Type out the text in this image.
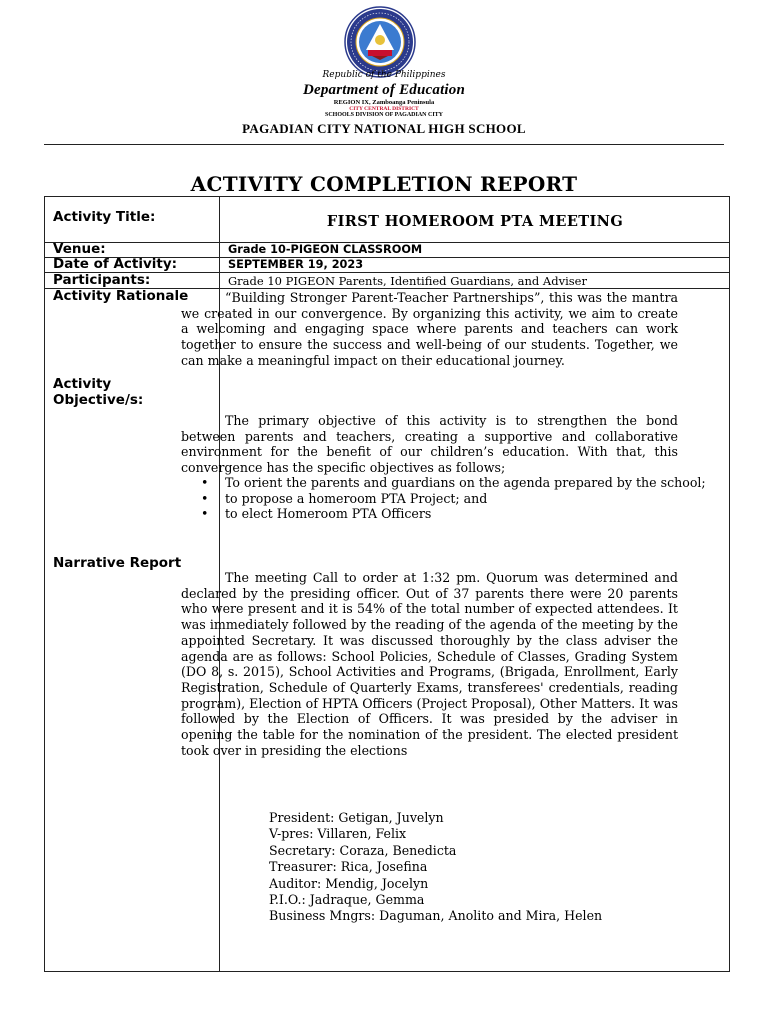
Republic of the Philippines
Department of Education
REGION IX, Zamboanga Peninsula
CITY CENTRAL DISTRICT
SCHOOLS DIVISION OF PAGADIAN CITY
PAGADIAN CITY NATIONAL HIGH SCHOOL
ACTIVITY COMPLETION REPORT
Activity Title:
Venue:
Date of Activity:
Participants:
Activity Rationale
Activity
Objective/s:
Narrative Report
FIRST HOMEROOM PTA MEETING
Grade 10-PIGEON CLASSROOM
SEPTEMBER 19, 2023
Grade 10 PIGEON Parents, Identified Guardians, and Adviser

“Building Stronger Parent-Teacher Partnerships”, this was the mantra we created in our convergence. By organizing this activity, we aim to create a welcoming and engaging space where parents and teachers can work together to ensure the success and well-being of our students. Together, we can make a meaningful impact on their educational journey.

The primary objective of this activity is to strengthen the bond between parents and teachers, creating a supportive and collaborative environment for the benefit of our children’s education. With that, this convergence has the specific objectives as follows;

• To orient the parents and guardians on the agenda prepared by the school;
• to propose a homeroom PTA Project; and
• to elect Homeroom PTA Officers

The meeting Call to order at 1:32 pm. Quorum was determined and declared by the presiding officer. Out of 37 parents there were 20 parents who were present and it is 54% of the total number of expected attendees. It was immediately followed by the reading of the agenda of the meeting by the appointed Secretary. It was discussed thoroughly by the class adviser the agenda are as follows: School Policies, Schedule of Classes, Grading System (DO 8, s. 2015), School Activities and Programs, (Brigada, Enrollment, Early Registration, Schedule of Quarterly Exams, transferees' credentials, reading program), Election of HPTA Officers (Project Proposal), Other Matters. It was followed by the Election of Officers. It was presided by the adviser in opening the table for the nomination of the president. The elected president took over in presiding the elections

President: Getigan, Juvelyn
V-pres: Villaren, Felix
Secretary: Coraza, Benedicta
Treasurer: Rica, Josefina
Auditor: Mendig, Jocelyn
P.I.O.: Jadraque, Gemma
Business Mngrs: Daguman, Anolito and Mira, Helen
